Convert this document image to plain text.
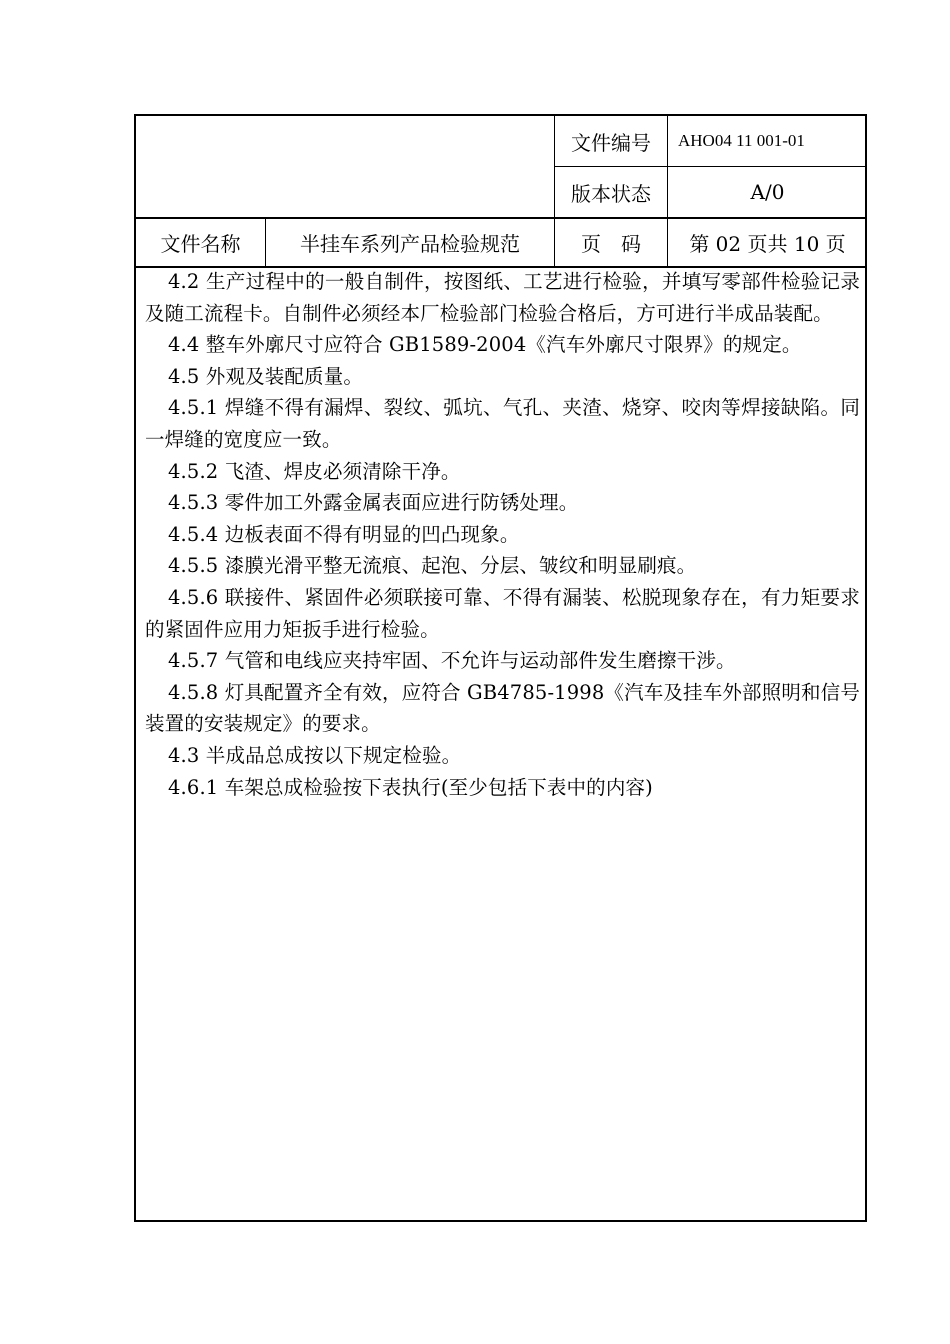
文件编号	AHO04 11 001-01
版本状态	A/0
文件名称	半挂车系列产品检验规范	页　码	第 02 页共 10 页

4.2 生产过程中的一般自制件，按图纸、工艺进行检验，并填写零部件检验记录及随工流程卡。自制件必须经本厂检验部门检验合格后，方可进行半成品装配。

4.4 整车外廓尺寸应符合 GB1589-2004《汽车外廓尺寸限界》的规定。

4.5 外观及装配质量。

4.5.1 焊缝不得有漏焊、裂纹、弧坑、气孔、夹渣、烧穿、咬肉等焊接缺陷。同一焊缝的宽度应一致。

4.5.2 飞渣、焊皮必须清除干净。

4.5.3 零件加工外露金属表面应进行防锈处理。

4.5.4 边板表面不得有明显的凹凸现象。

4.5.5 漆膜光滑平整无流痕、起泡、分层、皱纹和明显刷痕。

4.5.6 联接件、紧固件必须联接可靠、不得有漏装、松脱现象存在，有力矩要求的紧固件应用力矩扳手进行检验。

4.5.7 气管和电线应夹持牢固、不允许与运动部件发生磨擦干涉。

4.5.8 灯具配置齐全有效，应符合 GB4785-1998《汽车及挂车外部照明和信号装置的安装规定》的要求。

4.3 半成品总成按以下规定检验。

4.6.1 车架总成检验按下表执行(至少包括下表中的内容)
